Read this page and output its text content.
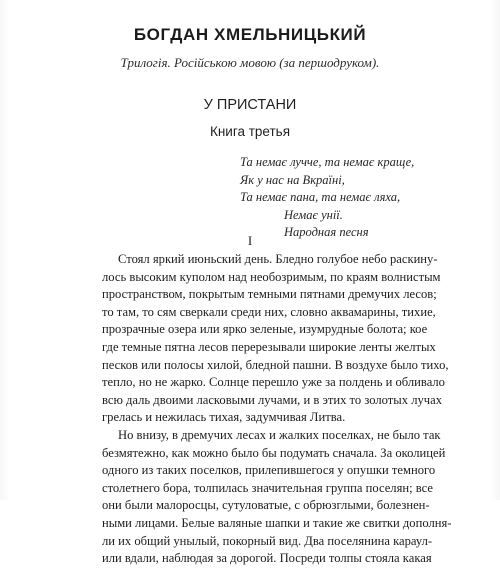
БОГДАН ХМЕЛЬНИЦЬКИЙ
Трилогія. Російською мовою (за першодруком).
У ПРИСТАНИ
Книга третья
Та немає лучче, та немає краще,
Як у нас на Вкраїні,
Та немає пана, та немає ляха,
Немає унії.
Народная песня
I
Стоял яркий июньский день. Бледно голубое небо раскину-
лось высоким куполом над необозримым, по краям волнистым
пространством, покрытым темными пятнами дремучих лесов;
то там, то сям сверкали среди них, словно аквамарины, тихие,
прозрачные озера или ярко зеленые, изумрудные болота; кое
где темные пятна лесов перерезывали широкие ленты желтых
песков или полосы хилой, бледной пашни. В воздухе было тихо,
тепло, но не жарко. Солнце перешло уже за полдень и обливало
всю даль двоими ласковыми лучами, и в этих то золотых лучах
грелась и нежилась тихая, задумчивая Литва.
Но внизу, в дремучих лесах и жалких поселках, не было так
безмятежно, как можно было бы подумать сначала. За околицей
одного из таких поселков, прилепившегося у опушки темного
столетнего бора, толпилась значительная группа поселян; все
они были малоросцы, сутуловатые, с обрюзглыми, болезнен-
ными лицами. Белые валяные шапки и такие же свитки дополня-
ли их общий унылый, покорный вид. Два поселянина караул-
или вдали, наблюдая за дорогой. Посреди толпы стояла какая
